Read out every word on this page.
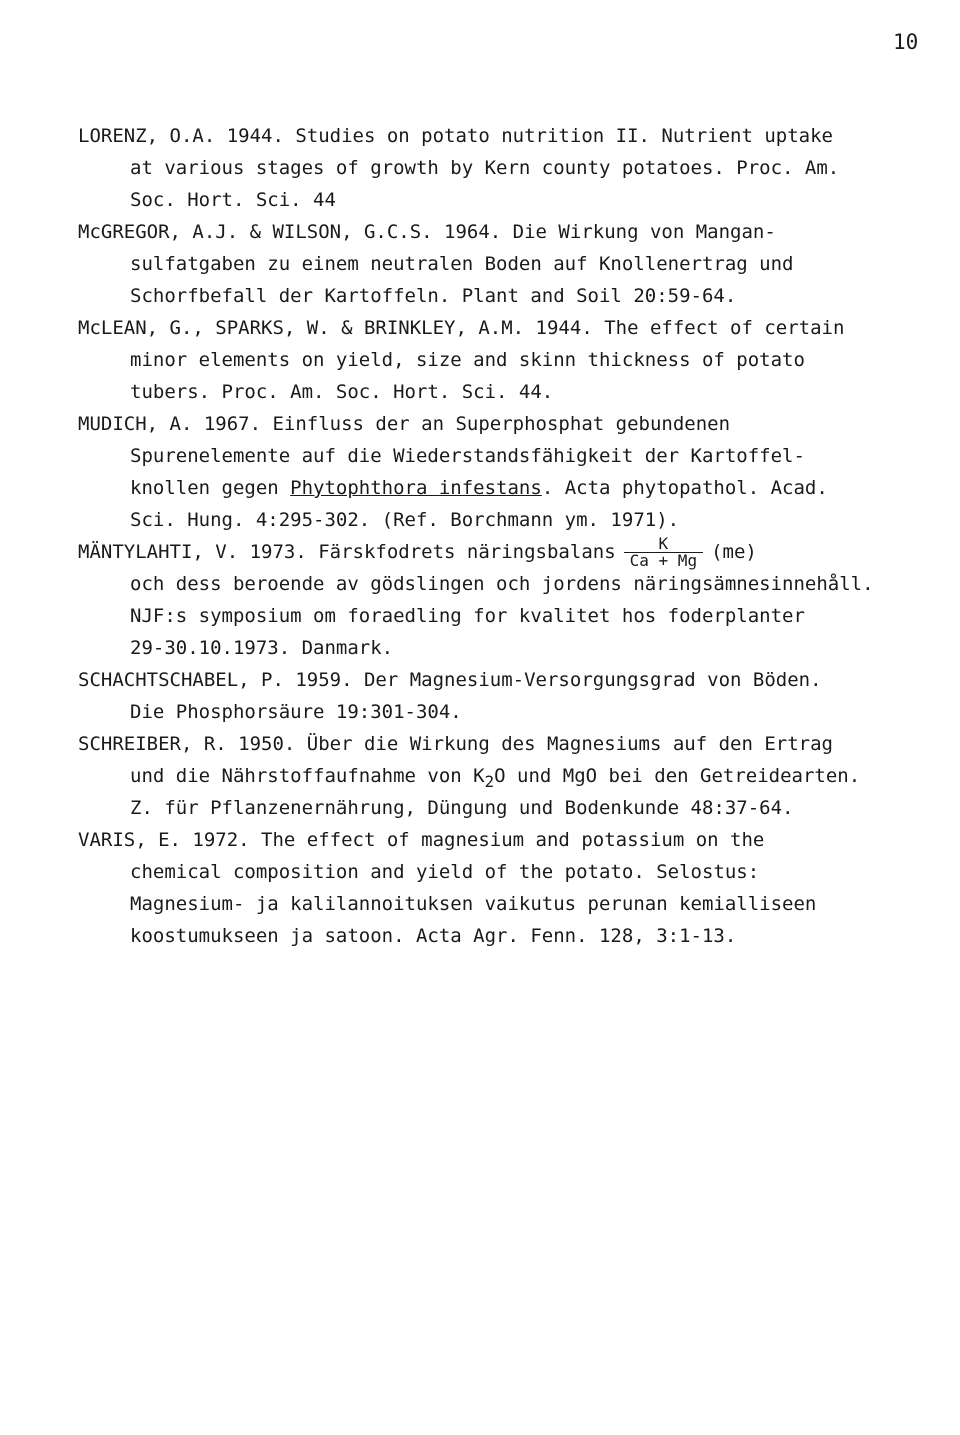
10
LORENZ, O.A. 1944. Studies on potato nutrition II. Nutrient uptake
at various stages of growth by Kern county potatoes. Proc. Am.
Soc. Hort. Sci. 44
McGREGOR, A.J. & WILSON, G.C.S. 1964. Die Wirkung von Mangan-
sulfatgaben zu einem neutralen Boden auf Knollenertrag und
Schorfbefall der Kartoffeln. Plant and Soil 20:59-64.
McLEAN, G., SPARKS, W. & BRINKLEY, A.M. 1944. The effect of certain
minor elements on yield, size and skinn thickness of potato
tubers. Proc. Am. Soc. Hort. Sci. 44.
MUDICH, A. 1967. Einfluss der an Superphosphat gebundenen
Spurenelemente auf die Wiederstandsfähigkeit der Kartoffel-
knollen gegen Phytophthora infestans. Acta phytopathol. Acad.
Sci. Hung. 4:295-302. (Ref. Borchmann ym. 1971).
MÄNTYLAHTI, V. 1973. Färskfodrets näringsbalans $\frac{K}{Ca + Mg} (me)$
och dess beroende av gödslingen och jordens näringsämnesinnehåll.
NJF:s symposium om foraedling for kvalitet hos foderplanter
29-30.10.1973. Danmark.
SCHACHTSCHABEL, P. 1959. Der Magnesium-Versorgungsgrad von Böden.
Die Phosphorsäure 19:301-304.
SCHREIBER, R. 1950. Über die Wirkung des Magnesiums auf den Ertrag
und die Nährstoffaufnahme von $K_2O$ und MgO bei den Getreidearten.
Z. für Pflanzenernährung, Düngung und Bodenkunde 48:37-64.
VARIS, E. 1972. The effect of magnesium and potassium on the
chemical composition and yield of the potato. Selostus:
Magnesium- ja kalilannoituksen vaikutus perunan kemialliseen
koostumukseen ja satoon. Acta Agr. Fenn. 128, 3:1-13.
